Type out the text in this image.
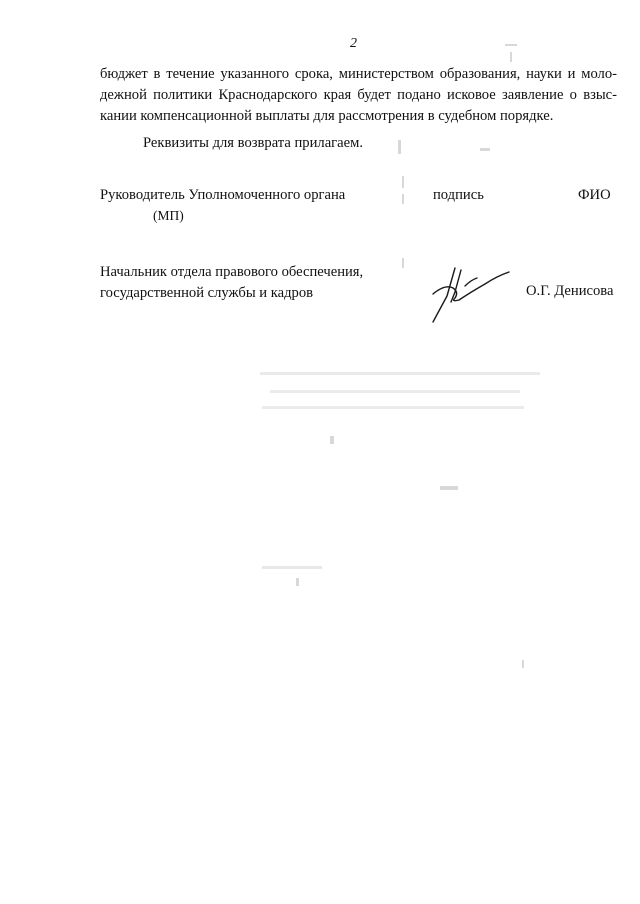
2
бюджет в течение указанного срока, министерством образования, науки и моло-
дежной политики Краснодарского края будет подано исковое заявление о взыс-
кании компенсационной выплаты для рассмотрения в судебном порядке.
Реквизиты для возврата прилагаем.
Руководитель Уполномоченного органа
(МП)
подпись	ФИО
Начальник отдела правового обеспечения,
государственной службы и кадров	О.Г. Денисова
